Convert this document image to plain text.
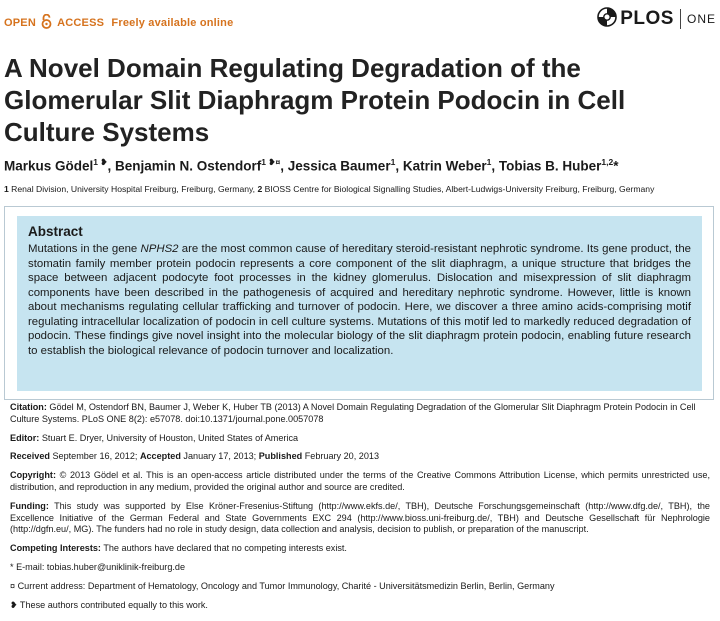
OPEN ACCESS Freely available online	PLOS ONE
A Novel Domain Regulating Degradation of the Glomerular Slit Diaphragm Protein Podocin in Cell Culture Systems
Markus Gödel$^{1 ❥}$, Benjamin N. Ostendorf$^{1 ❥¤}$, Jessica Baumer$^1$, Katrin Weber$^1$, Tobias B. Huber$^{1,2}$*
1 Renal Division, University Hospital Freiburg, Freiburg, Germany, 2 BIOSS Centre for Biological Signalling Studies, Albert-Ludwigs-University Freiburg, Freiburg, Germany
Abstract

Mutations in the gene NPHS2 are the most common cause of hereditary steroid-resistant nephrotic syndrome. Its gene product, the stomatin family member protein podocin represents a core component of the slit diaphragm, a unique structure that bridges the space between adjacent podocyte foot processes in the kidney glomerulus. Dislocation and misexpression of slit diaphragm components have been described in the pathogenesis of acquired and hereditary nephrotic syndrome. However, little is known about mechanisms regulating cellular trafficking and turnover of podocin. Here, we discover a three amino acids-comprising motif regulating intracellular localization of podocin in cell culture systems. Mutations of this motif led to markedly reduced degradation of podocin. These findings give novel insight into the molecular biology of the slit diaphragm protein podocin, enabling future research to establish the biological relevance of podocin turnover and localization.

Citation: Gödel M, Ostendorf BN, Baumer J, Weber K, Huber TB (2013) A Novel Domain Regulating Degradation of the Glomerular Slit Diaphragm Protein Podocin in Cell Culture Systems. PLoS ONE 8(2): e57078. doi:10.1371/journal.pone.0057078

Editor: Stuart E. Dryer, University of Houston, United States of America

Received September 16, 2012; Accepted January 17, 2013; Published February 20, 2013

Copyright: © 2013 Gödel et al. This is an open-access article distributed under the terms of the Creative Commons Attribution License, which permits unrestricted use, distribution, and reproduction in any medium, provided the original author and source are credited.

Funding: This study was supported by Else Kröner-Fresenius-Stiftung (http://www.ekfs.de/, TBH), Deutsche Forschungsgemeinschaft (http://www.dfg.de/, TBH), the Excellence Initiative of the German Federal and State Governments EXC 294 (http://www.bioss.uni-freiburg.de/, TBH) and Deutsche Gesellschaft für Nephrologie (http://dgfn.eu/, MG). The funders had no role in study design, data collection and analysis, decision to publish, or preparation of the manuscript.

Competing Interests: The authors have declared that no competing interests exist.

* E-mail: tobias.huber@uniklinik-freiburg.de

¤ Current address: Department of Hematology, Oncology and Tumor Immunology, Charité - Universitätsmedizin Berlin, Berlin, Germany

❥ These authors contributed equally to this work.
